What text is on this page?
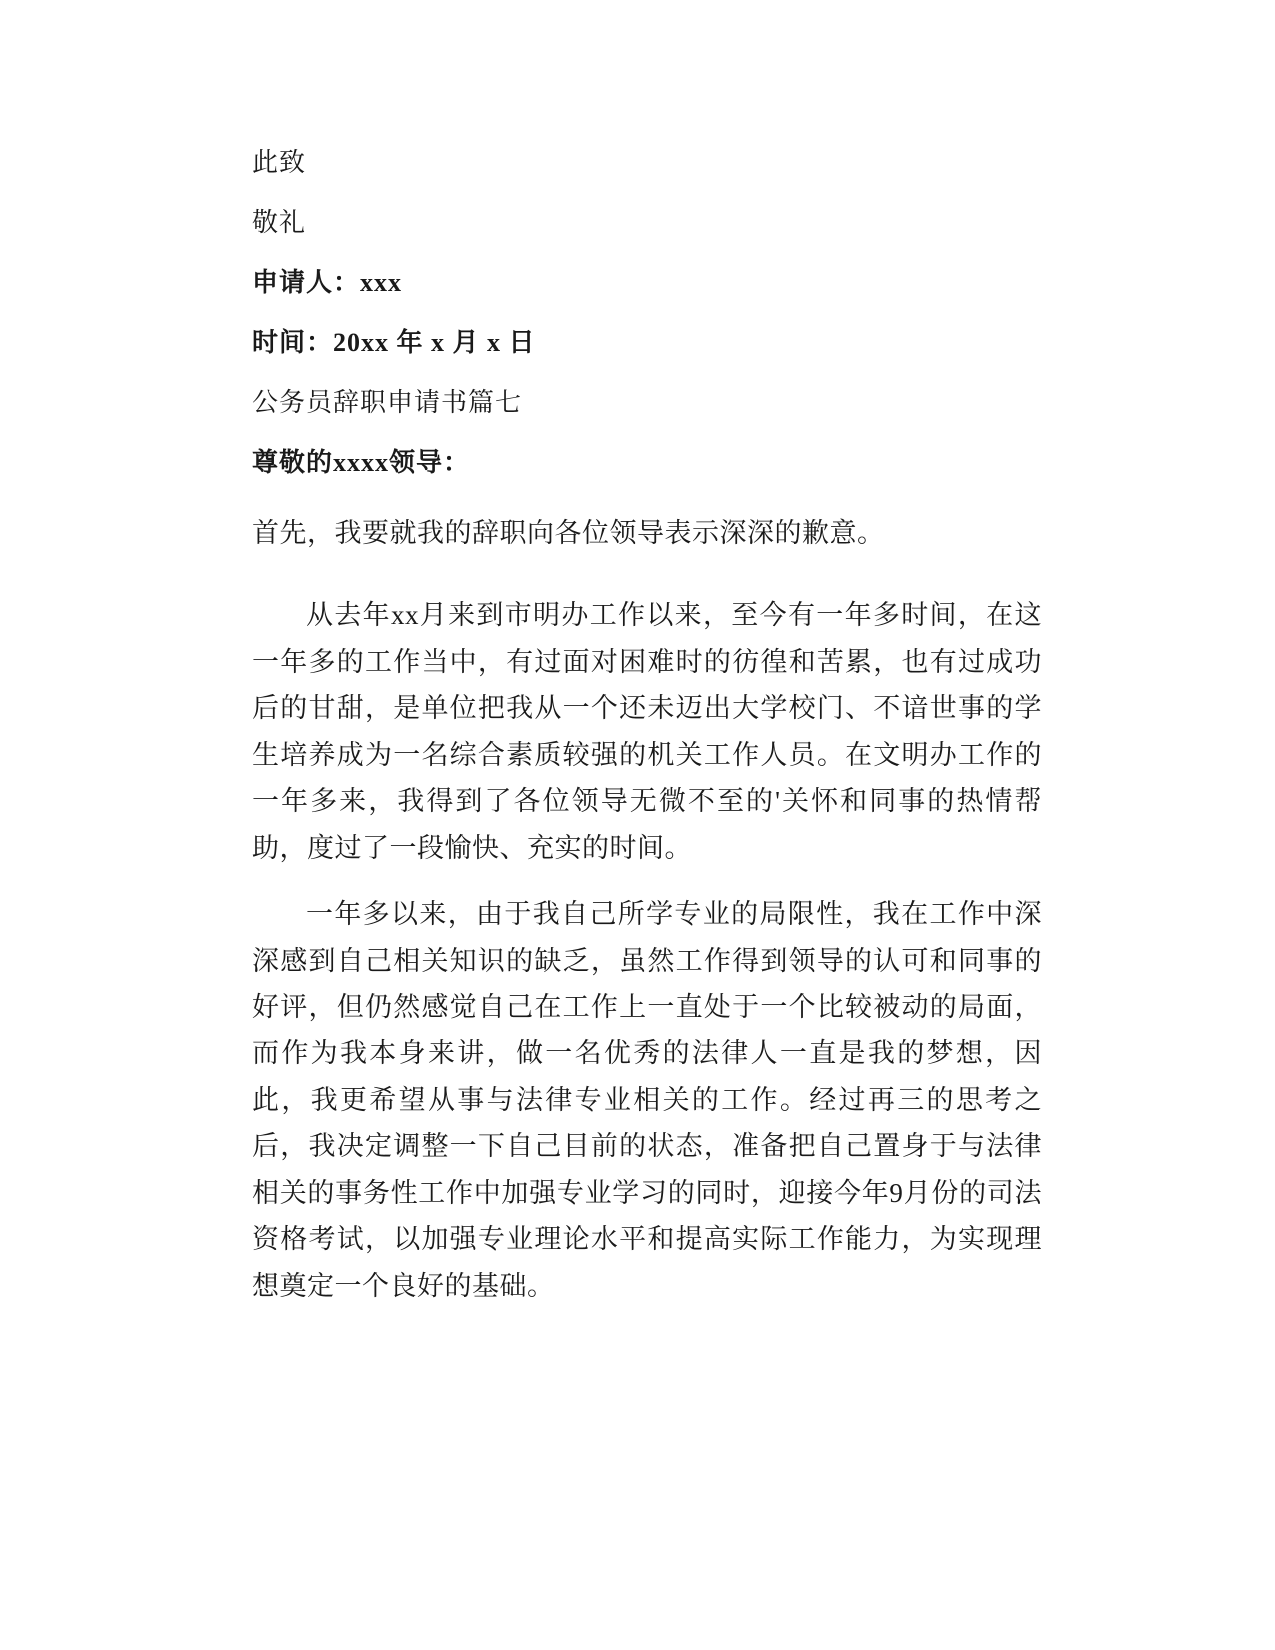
此致

敬礼

申请人：xxx

时间：20xx 年 x 月 x 日

公务员辞职申请书篇七

尊敬的xxxx领导：

首先，我要就我的辞职向各位领导表示深深的歉意。

从去年xx月来到市明办工作以来，至今有一年多时间，在这一年多的工作当中，有过面对困难时的彷徨和苦累，也有过成功后的甘甜，是单位把我从一个还未迈出大学校门、不谙世事的学生培养成为一名综合素质较强的机关工作人员。在文明办工作的一年多来，我得到了各位领导无微不至的'关怀和同事的热情帮助，度过了一段愉快、充实的时间。

一年多以来，由于我自己所学专业的局限性，我在工作中深深感到自己相关知识的缺乏，虽然工作得到领导的认可和同事的好评，但仍然感觉自己在工作上一直处于一个比较被动的局面，而作为我本身来讲，做一名优秀的法律人一直是我的梦想，因此，我更希望从事与法律专业相关的工作。经过再三的思考之后，我决定调整一下自己目前的状态，准备把自己置身于与法律相关的事务性工作中加强专业学习的同时，迎接今年9月份的司法资格考试，以加强专业理论水平和提高实际工作能力，为实现理想奠定一个良好的基础。
